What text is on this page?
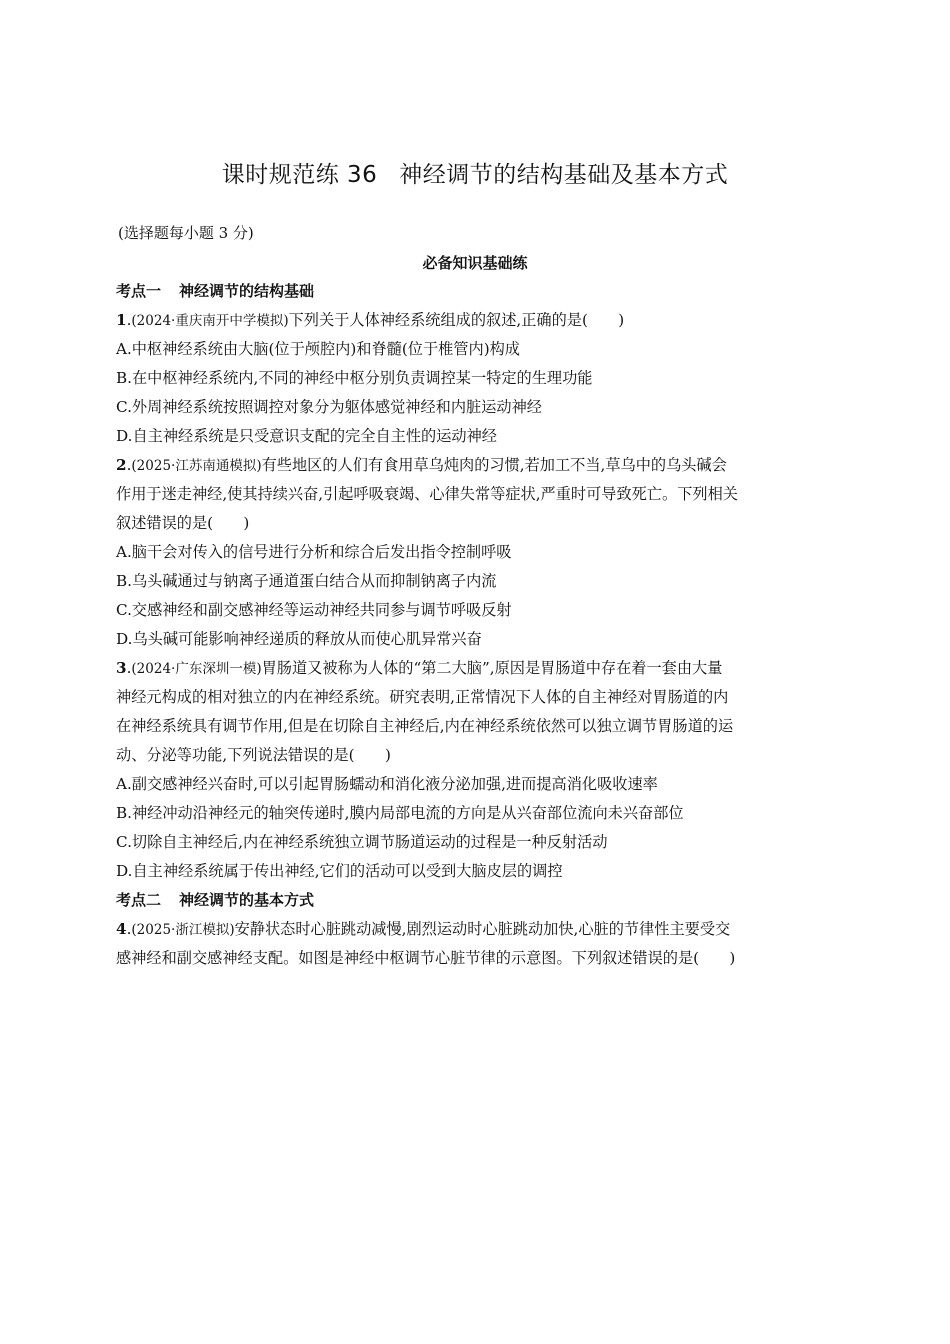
课时规范练 36 神经调节的结构基础及基本方式
(选择题每小题 3 分)
必备知识基础练
考点一 神经调节的结构基础
1.(2024·重庆南开中学模拟)下列关于人体神经系统组成的叙述,正确的是(　　)
A.中枢神经系统由大脑(位于颅腔内)和脊髓(位于椎管内)构成
B.在中枢神经系统内,不同的神经中枢分别负责调控某一特定的生理功能
C.外周神经系统按照调控对象分为躯体感觉神经和内脏运动神经
D.自主神经系统是只受意识支配的完全自主性的运动神经
2.(2025·江苏南通模拟)有些地区的人们有食用草乌炖肉的习惯,若加工不当,草乌中的乌头碱会
作用于迷走神经,使其持续兴奋,引起呼吸衰竭、心律失常等症状,严重时可导致死亡。下列相关
叙述错误的是(　　)
A.脑干会对传入的信号进行分析和综合后发出指令控制呼吸
B.乌头碱通过与钠离子通道蛋白结合从而抑制钠离子内流
C.交感神经和副交感神经等运动神经共同参与调节呼吸反射
D.乌头碱可能影响神经递质的释放从而使心肌异常兴奋
3.(2024·广东深圳一模)胃肠道又被称为人体的“第二大脑”,原因是胃肠道中存在着一套由大量
神经元构成的相对独立的内在神经系统。研究表明,正常情况下人体的自主神经对胃肠道的内
在神经系统具有调节作用,但是在切除自主神经后,内在神经系统依然可以独立调节胃肠道的运
动、分泌等功能,下列说法错误的是(　　)
A.副交感神经兴奋时,可以引起胃肠蠕动和消化液分泌加强,进而提高消化吸收速率
B.神经冲动沿神经元的轴突传递时,膜内局部电流的方向是从兴奋部位流向未兴奋部位
C.切除自主神经后,内在神经系统独立调节肠道运动的过程是一种反射活动
D.自主神经系统属于传出神经,它们的活动可以受到大脑皮层的调控
考点二 神经调节的基本方式
4.(2025·浙江模拟)安静状态时心脏跳动减慢,剧烈运动时心脏跳动加快,心脏的节律性主要受交
感神经和副交感神经支配。如图是神经中枢调节心脏节律的示意图。下列叙述错误的是(　　)
